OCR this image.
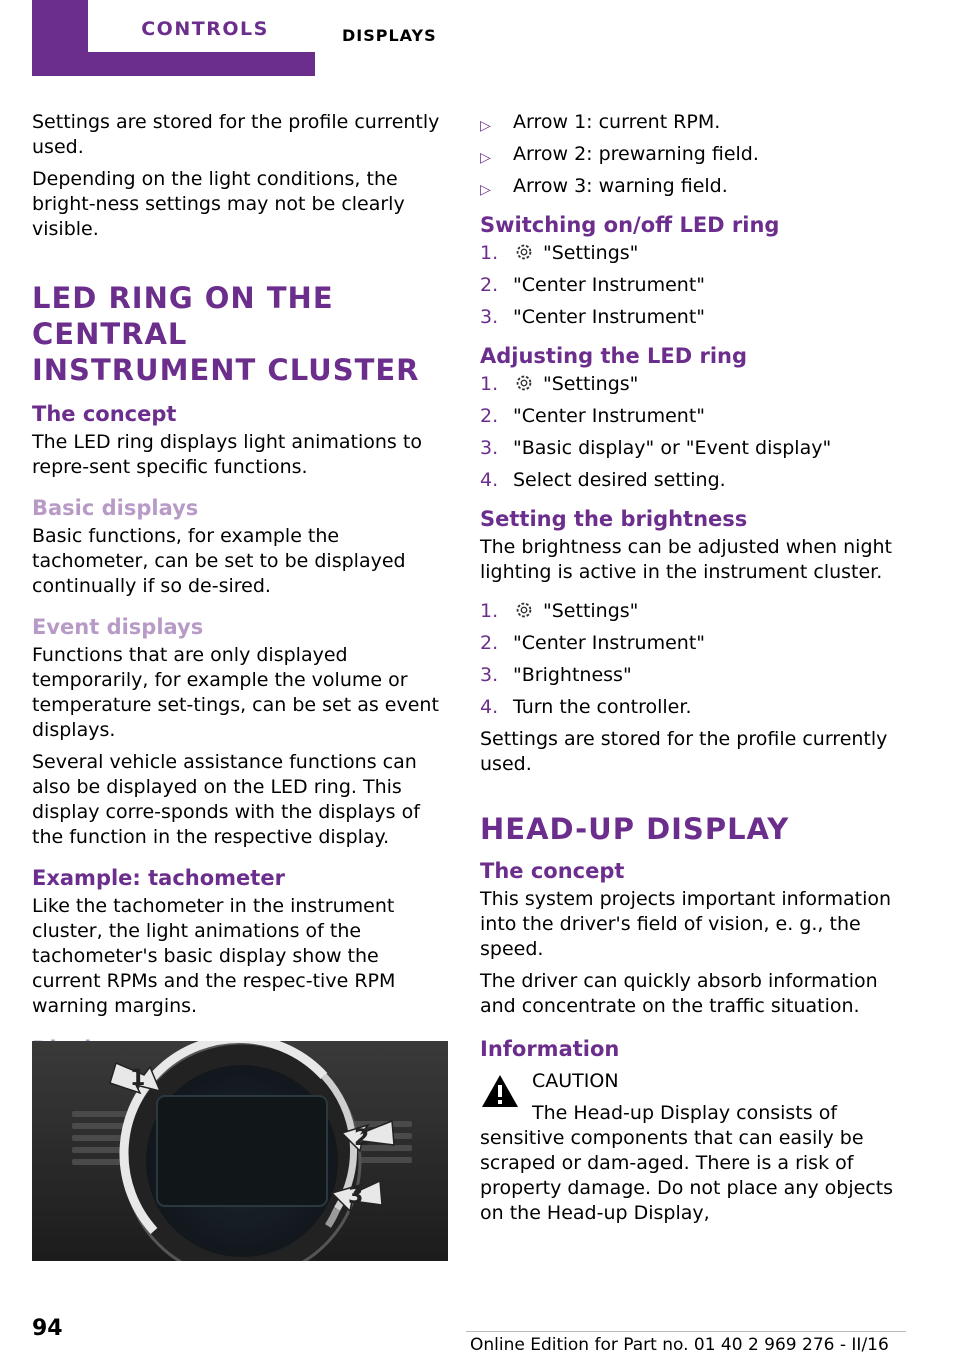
CONTROLS	DISPLAYS

Settings are stored for the profile currently used.

Depending on the light conditions, the bright‐ness settings may not be clearly visible.

LED RING ON THE CENTRAL
INSTRUMENT CLUSTER
The concept

The LED ring displays light animations to repre‐sent specific functions.

Basic displays

Basic functions, for example the tachometer, can be set to be displayed continually if so de‐sired.

Event displays

Functions that are only displayed temporarily, for example the volume or temperature set‐tings, can be set as event displays.

Several vehicle assistance functions can also be displayed on the LED ring. This display corre‐sponds with the displays of the function in the respective display.

Example: tachometer

Like the tachometer in the instrument cluster, the light animations of the tachometer's basic display show the current RPMs and the respec‐tive RPM warning margins.

1
2
3
▷ Arrow 1: current RPM.
▷ Arrow 2: prewarning field.
▷ Arrow 3: warning field.
Switching on/off LED ring
1. "Settings"
2. "Center Instrument"
3. "Center Instrument"
Adjusting the LED ring
1. "Settings"
2. "Center Instrument"
3. "Basic display" or "Event display"
4. Select desired setting.
Setting the brightness

The brightness can be adjusted when night lighting is active in the instrument cluster.

1. "Settings"
2. "Center Instrument"
3. "Brightness"
4. Turn the controller.

Settings are stored for the profile currently used.

HEAD-UP DISPLAY
The concept

This system projects important information into the driver's field of vision, e. g., the speed.

The driver can quickly absorb information and concentrate on the traffic situation.

Information

CAUTION

The Head-up Display consists of sensitive components that can easily be scraped or dam‐aged. There is a risk of property damage. Do not place any objects on the Head-up Display,

94
Online Edition for Part no. 01 40 2 969 276 - II/16
